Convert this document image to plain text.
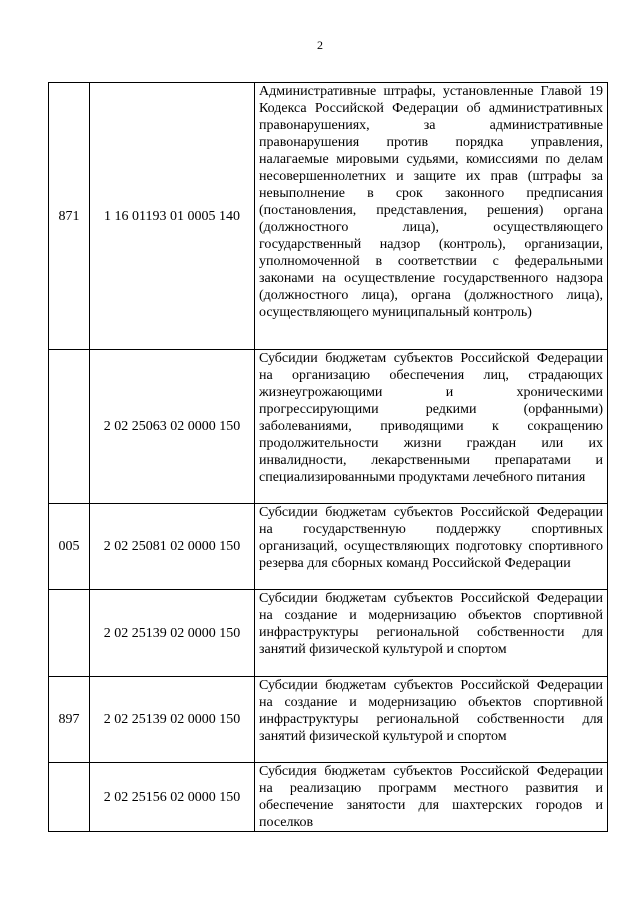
2
871	1 16 01193 01 0005 140	Административные штрафы, установленные Главой 19 Кодекса Российской Федерации об административных правонарушениях, за административные правонарушения против порядка управления, налагаемые мировыми судьями, комиссиями по делам несовершеннолетних и защите их прав (штрафы за невыполнение в срок законного предписания (постановления, представления, решения) органа (должностного лица), осуществляющего государственный надзор (контроль), организации, уполномоченной в соответствии с федеральными законами на осуществление государственного надзора (должностного лица), органа (должностного лица), осуществляющего муниципальный контроль)
	2 02 25063 02 0000 150	Субсидии бюджетам субъектов Российской Федерации на организацию обеспечения лиц, страдающих жизнеугрожающими и хроническими прогрессирующими редкими (орфанными) заболеваниями, приводящими к сокращению продолжительности жизни граждан или их инвалидности, лекарственными препаратами и специализированными продуктами лечебного питания
005	2 02 25081 02 0000 150	Субсидии бюджетам субъектов Российской Федерации на государственную поддержку спортивных организаций, осуществляющих подготовку спортивного резерва для сборных команд Российской Федерации
	2 02 25139 02 0000 150	Субсидии бюджетам субъектов Российской Федерации на создание и модернизацию объектов спортивной инфраструктуры региональной собственности для занятий физической культурой и спортом
897	2 02 25139 02 0000 150	Субсидии бюджетам субъектов Российской Федерации на создание и модернизацию объектов спортивной инфраструктуры региональной собственности для занятий физической культурой и спортом
	2 02 25156 02 0000 150	Субсидия бюджетам субъектов Российской Федерации на реализацию программ местного развития и обеспечение занятости для шахтерских городов и поселков
